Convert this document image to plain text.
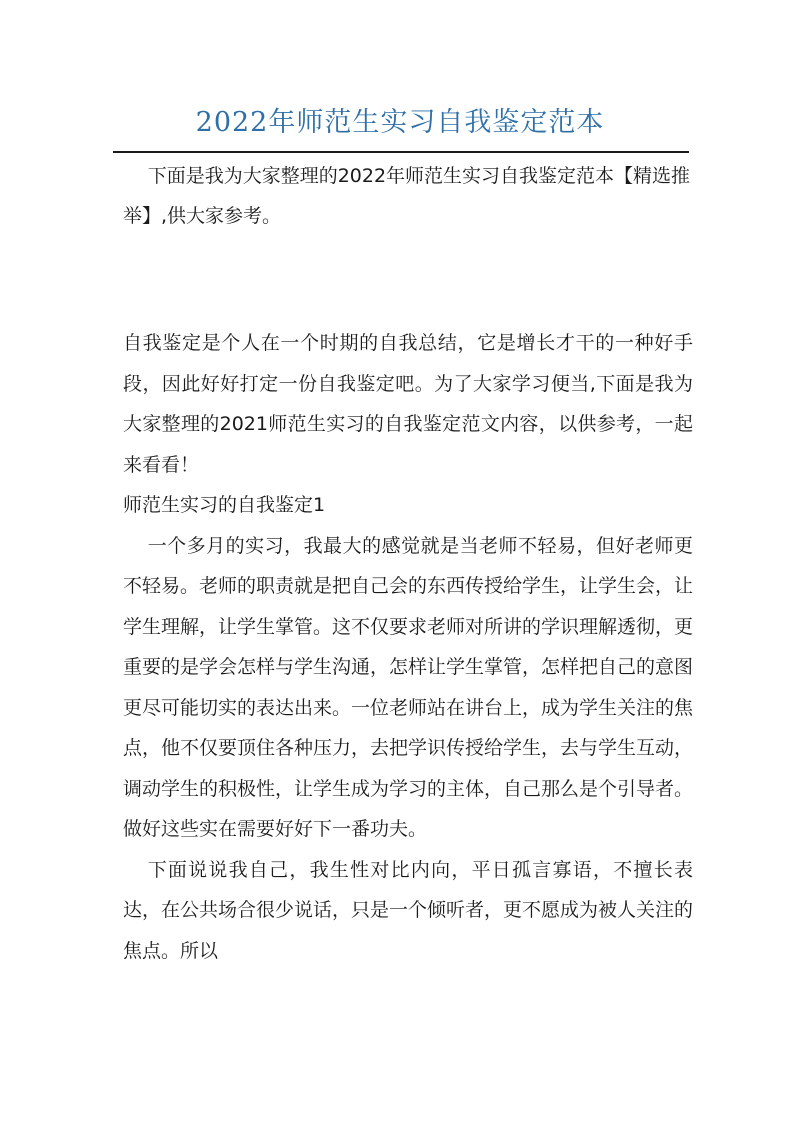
2022年师范生实习自我鉴定范本

下面是我为大家整理的2022年师范生实习自我鉴定范本【精选推举】,供大家参考。

自我鉴定是个人在一个时期的自我总结，它是增长才干的一种好手段，因此好好打定一份自我鉴定吧。为了大家学习便当,下面是我为大家整理的2021师范生实习的自我鉴定范文内容，以供参考，一起来看看！

师范生实习的自我鉴定1

一个多月的实习，我最大的感觉就是当老师不轻易，但好老师更不轻易。老师的职责就是把自己会的东西传授给学生，让学生会，让学生理解，让学生掌管。这不仅要求老师对所讲的学识理解透彻，更重要的是学会怎样与学生沟通，怎样让学生掌管，怎样把自己的意图更尽可能切实的表达出来。一位老师站在讲台上，成为学生关注的焦点，他不仅要顶住各种压力，去把学识传授给学生，去与学生互动，调动学生的积极性，让学生成为学习的主体，自己那么是个引导者。做好这些实在需要好好下一番功夫。

下面说说我自己，我生性对比内向，平日孤言寡语，不擅长表达，在公共场合很少说话，只是一个倾听者，更不愿成为被人关注的焦点。所以
